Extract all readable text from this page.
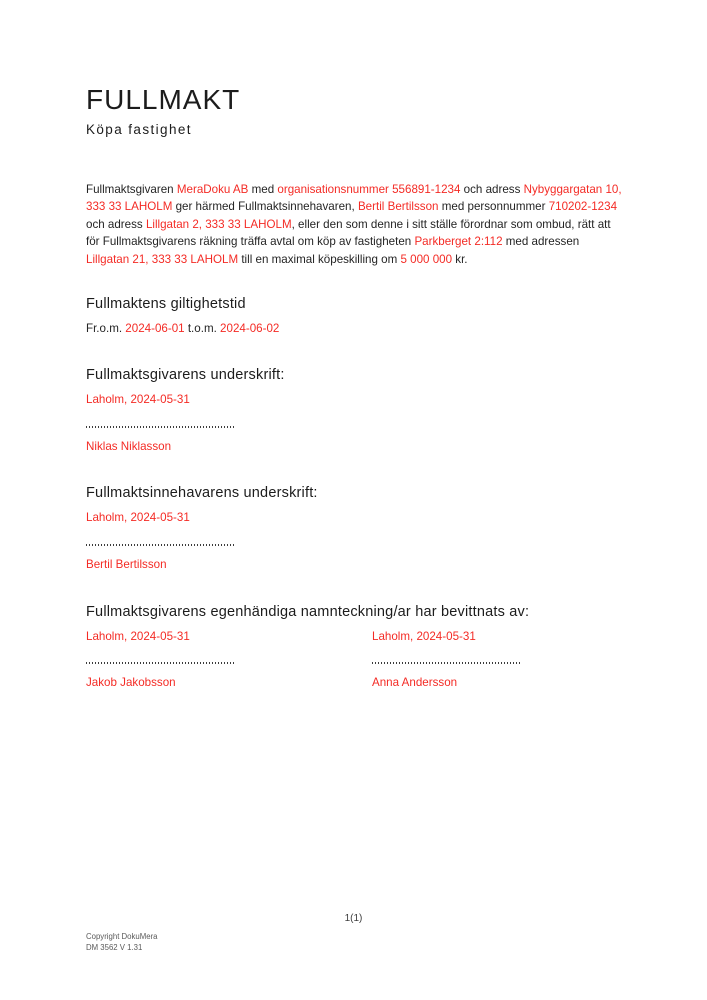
FULLMAKT
Köpa fastighet

Fullmaktsgivaren MeraDoku AB med organisationsnummer 556891-1234 och adress Nybyggargatan 10, 333 33 LAHOLM ger härmed Fullmaktsinnehavaren, Bertil Bertilsson med personnummer 710202-1234 och adress Lillgatan 2, 333 33 LAHOLM, eller den som denne i sitt ställe förordnar som ombud, rätt att för Fullmaktsgivarens räkning träffa avtal om köp av fastigheten Parkberget 2:112 med adressen Lillgatan 21, 333 33 LAHOLM till en maximal köpeskilling om 5 000 000 kr.

Fullmaktens giltighetstid

Fr.o.m. 2024-06-01 t.o.m. 2024-06-02

Fullmaktsgivarens underskrift:
Laholm, 2024-05-31
Niklas Niklasson
Fullmaktsinnehavarens underskrift:
Laholm, 2024-05-31
Bertil Bertilsson
Fullmaktsgivarens egenhändiga namnteckning/ar har bevittnats av:
Laholm, 2024-05-31
Jakob Jakobsson
Laholm, 2024-05-31
Anna Andersson
1(1)
Copyright DokuMera
DM 3562 V 1.31
